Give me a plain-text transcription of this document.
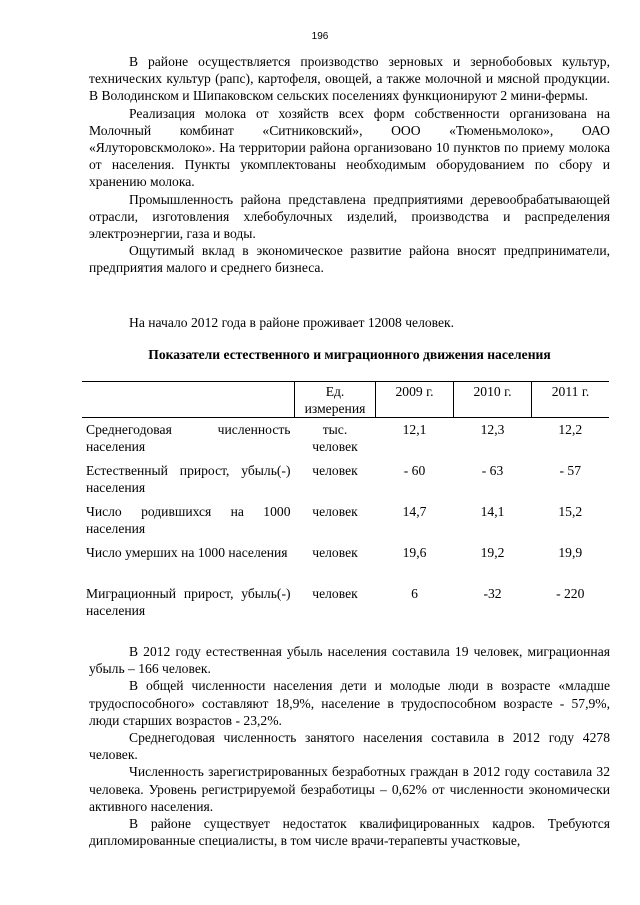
196

В районе осуществляется производство зерновых и зернобобовых культур, технических культур (рапс), картофеля, овощей, а также молочной и мясной продукции. В Володинском и Шипаковском сельских поселениях функционируют 2 мини-фермы.

Реализация молока от хозяйств всех форм собственности организована на Молочный комбинат «Ситниковский», ООО «Тюменьмолоко», ОАО «Ялуторовскмолоко». На территории района организовано 10 пунктов по приему молока от населения. Пункты укомплектованы необходимым оборудованием по сбору и хранению молока.

Промышленность района представлена предприятиями деревообрабатывающей отрасли, изготовления хлебобулочных изделий, производства и распределения электроэнергии, газа и воды.

Ощутимый вклад в экономическое развитие района вносят предприниматели, предприятия малого и среднего бизнеса.

На начало 2012 года в районе проживает 12008 человек.

Показатели естественного и миграционного движения населения
	Ед. измерения	2009 г.	2010 г.	2011 г.
Среднегодовая численность населения	тыс. человек	12,1	12,3	12,2
Естественный прирост, убыль(-) населения	человек	- 60	- 63	- 57
Число родившихся на 1000 населения	человек	14,7	14,1	15,2
Число умерших на 1000 населения	человек	19,6	19,2	19,9
Миграционный прирост, убыль(-) населения	человек	6	-32	- 220

В 2012 году естественная убыль населения составила 19 человек, миграционная убыль – 166 человек.

В общей численности населения дети и молодые люди в возрасте «младше трудоспособного» составляют 18,9%, население в трудоспособном возрасте - 57,9%, люди старших возрастов - 23,2%.

Среднегодовая численность занятого населения составила в 2012 году 4278 человек.

Численность зарегистрированных безработных граждан в 2012 году составила 32 человека. Уровень регистрируемой безработицы – 0,62% от численности экономически активного населения.

В районе существует недостаток квалифицированных кадров. Требуются дипломированные специалисты, в том числе врачи-терапевты участковые,
